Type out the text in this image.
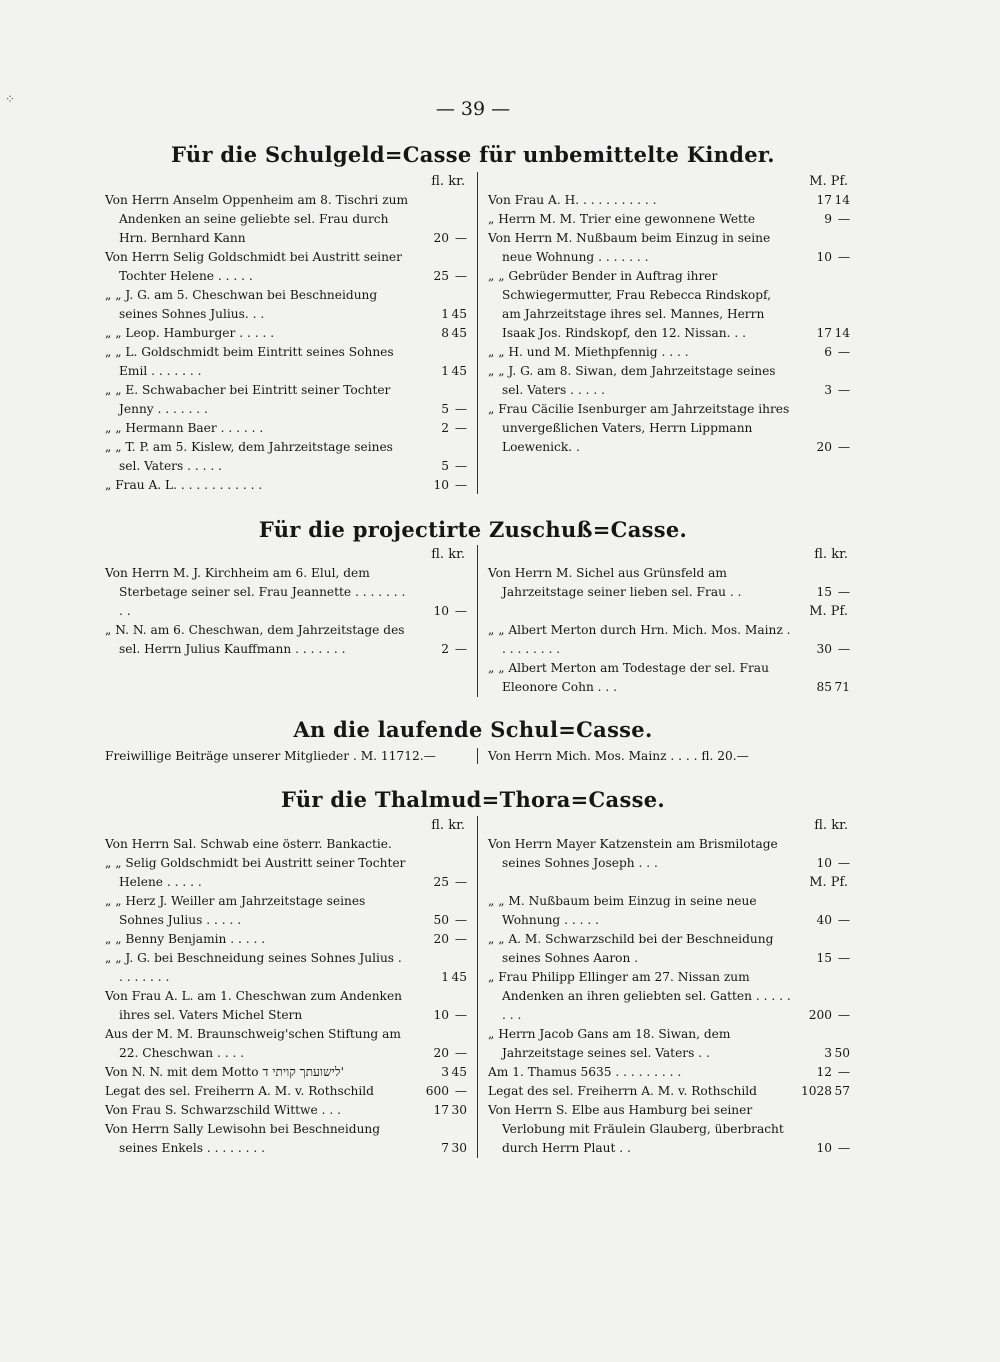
⁘	— 39 —
Für die Schulgeld=Casse für unbemittelte Kinder.
fl. kr.
Von Herrn Anselm Oppenheim am 8. Tischri zum Andenken an seine geliebte sel. Frau durch Hrn. Bernhard Kann	20 —
Von Herrn Selig Goldschmidt bei Austritt seiner Tochter Helene . . . . .	25 —
„ „ J. G. am 5. Cheschwan bei Beschneidung seines Sohnes Julius. . .	1 45
„ „ Leop. Hamburger . . . . .	8 45
„ „ L. Goldschmidt beim Eintritt seines Sohnes Emil . . . . . . .	1 45
„ „ E. Schwabacher bei Eintritt seiner Tochter Jenny . . . . . . .	5 —
„ „ Hermann Baer . . . . . .	2 —
„ „ T. P. am 5. Kislew, dem Jahrzeitstage seines sel. Vaters . . . . .	5 —
„ Frau A. L. . . . . . . . . . . .	10 —
M. Pf.
Von Frau A. H. . . . . . . . . . .	17 14
„ Herrn M. M. Trier eine gewonnene Wette	9 —
Von Herrn M. Nußbaum beim Einzug in seine neue Wohnung . . . . . . .	10 —
„ „ Gebrüder Bender in Auftrag ihrer Schwiegermutter, Frau Rebecca Rindskopf, am Jahrzeitstage ihres sel. Mannes, Herrn Isaak Jos. Rindskopf, den 12. Nissan. . .	17 14
„ „ H. und M. Miethpfennig . . . .	6 —
„ „ J. G. am 8. Siwan, dem Jahrzeitstage seines sel. Vaters . . . . .	3 —
„ Frau Cäcilie Isenburger am Jahrzeitstage ihres unvergeßlichen Vaters, Herrn Lippmann Loewenick. .	20 —
Für die projectirte Zuschuß=Casse.
fl. kr.
Von Herrn M. J. Kirchheim am 6. Elul, dem Sterbetage seiner sel. Frau Jeannette . . . . . . . . .	10 —
„ N. N. am 6. Cheschwan, dem Jahrzeitstage des sel. Herrn Julius Kauffmann . . . . . . .	2 —
fl. kr.
Von Herrn M. Sichel aus Grünsfeld am Jahrzeitstage seiner lieben sel. Frau . .	15 —
M. Pf.
„ „ Albert Merton durch Hrn. Mich. Mos. Mainz . . . . . . . . .	30 —
„ „ Albert Merton am Todestage der sel. Frau Eleonore Cohn . . .	85 71
An die laufende Schul=Casse.
Freiwillige Beiträge unserer Mitglieder . M. 11712.—	Von Herrn Mich. Mos. Mainz . . . . fl. 20.—
Für die Thalmud=Thora=Casse.
fl. kr.
Von Herrn Sal. Schwab eine österr. Bankactie.
„ „ Selig Goldschmidt bei Austritt seiner Tochter Helene . . . . .	25 —
„ „ Herz J. Weiller am Jahrzeitstage seines Sohnes Julius . . . . .	50 —
„ „ Benny Benjamin . . . . .	20 —
„ „ J. G. bei Beschneidung seines Sohnes Julius . . . . . . . .	1 45
Von Frau A. L. am 1. Cheschwan zum Andenken ihres sel. Vaters Michel Stern	10 —
Aus der M. M. Braunschweig'schen Stiftung am 22. Cheschwan . . . .	20 —
Von N. N. mit dem Motto לישועתך קויתי ד'	3 45
Legat des sel. Freiherrn A. M. v. Rothschild	600 —
Von Frau S. Schwarzschild Wittwe . . .	17 30
Von Herrn Sally Lewisohn bei Beschneidung seines Enkels . . . . . . . .	7 30
fl. kr.
Von Herrn Mayer Katzenstein am Brismilotage seines Sohnes Joseph . . .	10 —
M. Pf.
„ „ M. Nußbaum beim Einzug in seine neue Wohnung . . . . .	40 —
„ „ A. M. Schwarzschild bei der Beschneidung seines Sohnes Aaron .	15 —
„ Frau Philipp Ellinger am 27. Nissan zum Andenken an ihren geliebten sel. Gatten . . . . . . . .	200 —
„ Herrn Jacob Gans am 18. Siwan, dem Jahrzeitstage seines sel. Vaters . .	3 50
Am 1. Thamus 5635 . . . . . . . . .	12 —
Legat des sel. Freiherrn A. M. v. Rothschild	1028 57
Von Herrn S. Elbe aus Hamburg bei seiner Verlobung mit Fräulein Glauberg, überbracht durch Herrn Plaut . .	10 —
